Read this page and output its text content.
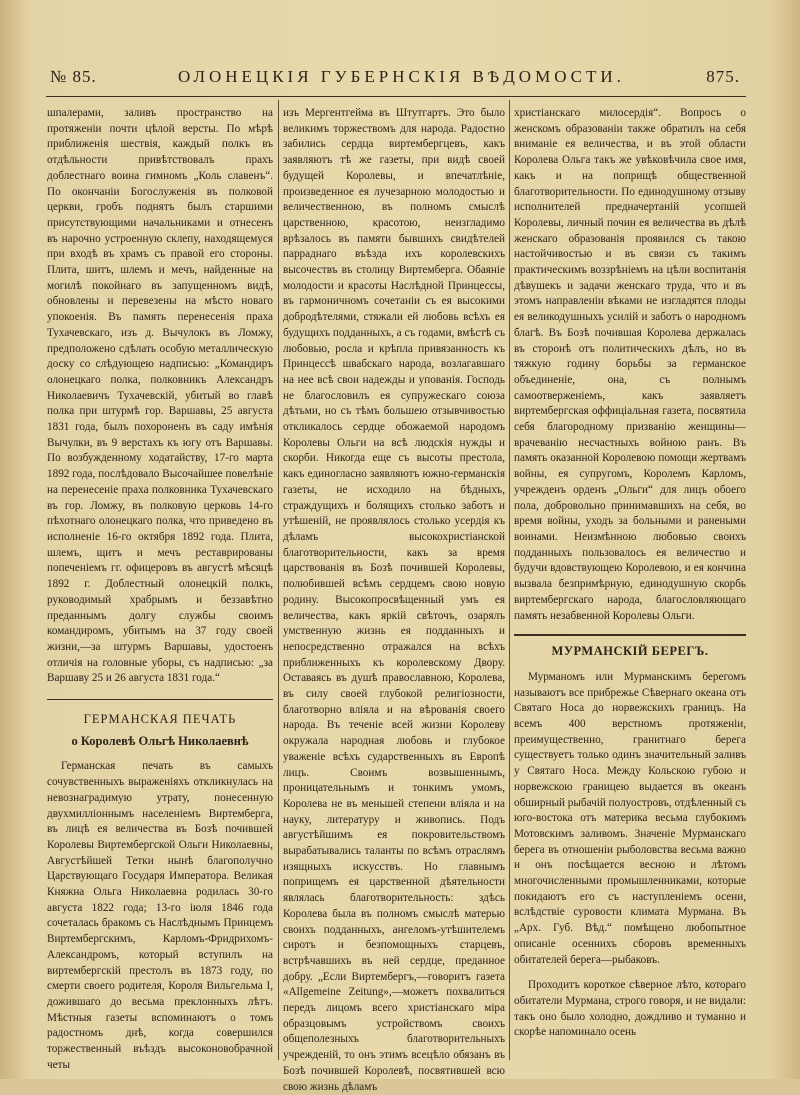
№ 85.	ОЛОНЕЦКІЯ ГУБЕРНСКІЯ ВѢДОМОСТИ.	875.

шпалерами, заливъ пространство на протяженіи почти цѣлой версты. По мѣрѣ приближенія шествія, каждый полкъ въ отдѣльности привѣтствовалъ прахъ доблестнаго воина гимномъ „Коль славенъ“. По окончаніи Богослуженія въ полковой церкви, гробъ поднятъ былъ старшими присутствующими начальниками и отнесенъ въ нарочно устроенную склепу, находящемуся при входѣ въ храмъ съ правой его стороны. Плита, шитъ, шлемъ и мечъ, найденные на могилѣ покойнаго въ запущенномъ видѣ, обновлены и перевезены на мѣсто новаго упокоенія. Въ память перенесенія праха Тухачевскаго, изъ д. Вычулокъ въ Ломжу, предположено сдѣлать особую металлическую доску со слѣдующею надписью: „Командиръ олонецкаго полка, полковникъ Александръ Николаевичъ Тухачевскій, убитый во главѣ полка при штурмѣ гор. Варшавы, 25 августа 1831 года, былъ похороненъ въ саду имѣнія Вычулки, въ 9 верстахъ къ югу отъ Варшавы. По возбужденному ходатайству, 17-го марта 1892 года, послѣдовало Высочайшее повелѣніе на перенесеніе праха полковника Тухачевскаго въ гор. Ломжу, въ полковую церковь 14-го пѣхотнаго олонецкаго полка, что приведено въ исполненіе 16-го октября 1892 года. Плита, шлемъ, щитъ и мечъ реставрированы попеченіемъ гг. офицеровъ въ августѣ мѣсяцѣ 1892 г. Доблестный олонецкій полкъ, руководимый храбрымъ и беззавѣтно преданнымъ долгу службы своимъ командиромъ, убитымъ на 37 году своей жизни,—за штурмъ Варшавы, удостоенъ отличія на головные уборы, съ надписью: „за Варшаву 25 и 26 августа 1831 года.“

ГЕРМАНСКАЯ ПЕЧАТЬ
о Королевѣ Ольгѣ Николаевнѣ

Германская печать въ самыхъ сочувственныхъ выраженіяхъ откликнулась на невознаградимую утрату, понесенную двухмилліоннымъ населеніемъ Виртемберга, въ лицѣ ея величества въ Бозѣ почившей Королевы Виртембергской Ольги Николаевны, Августѣйшей Тетки нынѣ благополучно Царствующаго Государя Императора. Великая Княжна Ольга Николаевна родилась 30-го августа 1822 года; 13-го іюля 1846 года сочеталась бракомъ съ Наслѣднымъ Принцемъ Виртембергскимъ, Карломъ-Фридрихомъ-Александромъ, который вступилъ на виртембергскій престолъ въ 1873 году, по смерти своего родителя, Короля Вильгельма I, дожившаго до весьма преклонныхъ лѣтъ. Мѣстныя газеты вспоминаютъ о томъ радостномъ днѣ, когда совершился торжественный въѣздъ высоконовобрачной четы

изъ Мергентгейма въ Штутгартъ. Это было великимъ торжествомъ для народа. Радостно забились сердца виртембергцевъ, какъ заявляютъ тѣ же газеты, при видѣ своей будущей Королевы, и впечатлѣніе, произведенное ея лучезарною молодостью и величественною, въ полномъ смыслѣ царственною, красотою, неизгладимо врѣзалось въ памяти бывшихъ свидѣтелей парраднаго въѣзда ихъ королевскихъ высочествъ въ столицу Виртемберга. Обаяніе молодости и красоты Наслѣдной Принцессы, въ гармоничномъ сочетаніи съ ея высокими добродѣтелями, стяжали ей любовь всѣхъ ея будущихъ подданныхъ, а съ годами, вмѣстѣ съ любовью, росла и крѣпла привязанность къ Принцессѣ швабскаго народа, возлагавшаго на нее всѣ свои надежды и упованія. Господь не благословилъ ея супружескаго союза дѣтьми, но съ тѣмъ большею отзывчивостью откликалось сердце обожаемой народомъ Королевы Ольги на всѣ людскія нужды и скорби. Никогда еще съ высоты престола, какъ единогласно заявляютъ южно-германскія газеты, не исходило на бѣдныхъ, страждущихъ и болящихъ столько заботъ и утѣшеній, не проявлялось столько усердія къ дѣламъ высокохристіанской благотворительности, какъ за время царствованія въ Бозѣ почившей Королевы, полюбившей всѣмъ сердцемъ свою новую родину. Высокопросвѣщенный умъ ея величества, какъ яркій свѣточъ, озарялъ умственную жизнь ея подданныхъ и непосредственно отражался на всѣхъ приближенныхъ къ королевскому Двору. Оставаясь въ душѣ православною, Королева, въ силу своей глубокой религіозности, благотворно вліяла и на вѣрованія своего народа. Въ теченіе всей жизни Королеву окружала народная любовь и глубокое уваженіе всѣхъ сударственныхъ въ Европѣ лицъ. Своимъ возвышеннымъ, проницательнымъ и тонкимъ умомъ, Королева не въ меньшей степени вліяла и на науку, литературу и живопись. Подъ августѣйшимъ ея покровительствомъ вырабатывались таланты по всѣмъ отраслямъ изящныхъ искусствъ. Но главнымъ поприщемъ ея царственной дѣятельности являлась благотворительность: здѣсь Королева была въ полномъ смыслѣ матерью своихъ подданныхъ, ангеломъ-утѣшителемъ сиротъ и безпомощныхъ старцевъ, встрѣчавшихъ въ ней сердце, преданное добру. „Если Виртембергъ,—говоритъ газета «Allgemeine Zeitung»,—можетъ похвалиться передъ лицомъ всего христіанскаго міра образцовымъ устройствомъ своихъ общеполезныхъ благотворительныхъ учрежденій, то онъ этимъ всецѣло обязанъ въ Бозѣ почившей Королевѣ, посвятившей всю свою жизнь дѣламъ

христіанскаго милосердія“. Вопросъ о женскомъ образованіи также обратилъ на себя вниманіе ея величества, и въ этой области Королева Ольга такъ же увѣковѣчила свое имя, какъ и на поприщѣ общественной благотворительности. По единодушному отзыву исполнителей предначертаній усопшей Королевы, личный почин ея величества въ дѣлѣ женскаго образованія проявился съ такою настойчивостью и въ связи съ такимъ практическимъ воззрѣніемъ на цѣли воспитанія дѣвушекъ и задачи женскаго труда, что и въ этомъ направленіи вѣками не изгладятся плоды ея великодушныхъ усилій и заботъ о народномъ благѣ. Въ Бозѣ почившая Королева держалась въ сторонѣ отъ политическихъ дѣлъ, но въ тяжкую годину борьбы за германское объединеніе, она, съ полнымъ самоотверженіемъ, какъ заявляетъ виртембергская оффиціальная газета, посвятила себя благородному призванію женщины—врачеванію несчастныхъ войною ранъ. Въ память оказанной Королевою помощи жертвамъ войны, ея супругомъ, Королемъ Карломъ, учрежденъ орденъ „Ольги“ для лицъ обоего пола, добровольно принимавшихъ на себя, во время войны, уходъ за больными и ранеными воинами. Неизмѣнною любовью своихъ подданныхъ пользовалось ея величество и будучи вдовствующею Королевою, и ея кончина вызвала безпримѣрную, единодушную скорбь виртембергскаго народа, благословляющаго память незабвенной Королевы Ольги.

МУРМАНСКІЙ БЕРЕГЪ.

Мурманомъ или Мурманскимъ берегомъ называютъ все прибрежье Сѣвернаго океана отъ Святаго Носа до норвежскихъ границъ. На всемъ 400 верстномъ протяженіи, преимущественно, гранитнаго берега существуетъ только одинъ значительный заливъ у Святаго Носа. Между Кольскою губою и норвежскою границею выдается въ океанъ обширный рыбачій полуостровъ, отдѣленный съ юго-востока отъ материка весьма глубокимъ Мотовскимъ заливомъ. Значеніе Мурманскаго берега въ отношеніи рыболовства весьма важно и онъ посѣщается весною и лѣтомъ многочисленными промышленниками, которые покидаютъ его съ наступленіемъ осени, вслѣдствіе суровости климата Мурмана. Въ „Арх. Губ. Вѣд.“ помѣщено любопытное описаніе осеннихъ сборовъ временныхъ обитателей берега—рыбаковъ.

Проходитъ короткое сѣверное лѣто, котораго обитатели Мурмана, строго говоря, и не видали: такъ оно было холодно, дождливо и туманно и скорѣе напоминало осень
